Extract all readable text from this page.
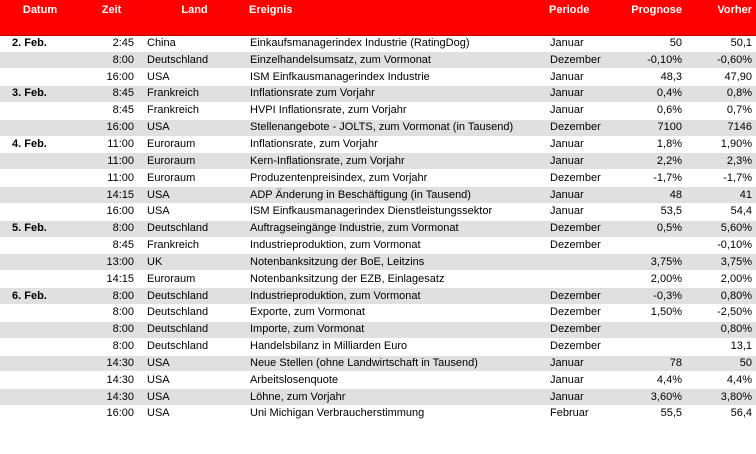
Datum	Zeit	Land	Ereignis	Periode	Prognose	Vorher
2. Feb.	2:45	China	Einkaufsmanagerindex Industrie (RatingDog)	Januar	50	50,1
	8:00	Deutschland	Einzelhandelsumsatz, zum Vormonat	Dezember	-0,10%	-0,60%
	16:00	USA	ISM Einfkausmanagerindex Industrie	Januar	48,3	47,90
3. Feb.	8:45	Frankreich	Inflationsrate zum Vorjahr	Januar	0,4%	0,8%
	8:45	Frankreich	HVPI Inflationsrate, zum Vorjahr	Januar	0,6%	0,7%
	16:00	USA	Stellenangebote - JOLTS, zum Vormonat (in Tausend)	Dezember	7100	7146
4. Feb.	11:00	Euroraum	Inflationsrate, zum Vorjahr	Januar	1,8%	1,90%
	11:00	Euroraum	Kern-Inflationsrate, zum Vorjahr	Januar	2,2%	2,3%
	11:00	Euroraum	Produzentenpreisindex, zum Vorjahr	Dezember	-1,7%	-1,7%
	14:15	USA	ADP Änderung in Beschäftigung (in Tausend)	Januar	48	41
	16:00	USA	ISM Einfkausmanagerindex Dienstleistungssektor	Januar	53,5	54,4
5. Feb.	8:00	Deutschland	Auftragseingänge Industrie, zum Vormonat	Dezember	0,5%	5,60%
	8:45	Frankreich	Industrieproduktion, zum Vormonat	Dezember		-0,10%
	13:00	UK	Notenbanksitzung der BoE, Leitzins		3,75%	3,75%
	14:15	Euroraum	Notenbanksitzung der EZB, Einlagesatz		2,00%	2,00%
6. Feb.	8:00	Deutschland	Industrieproduktion, zum Vormonat	Dezember	-0,3%	0,80%
	8:00	Deutschland	Exporte, zum Vormonat	Dezember	1,50%	-2,50%
	8:00	Deutschland	Importe, zum Vormonat	Dezember		0,80%
	8:00	Deutschland	Handelsbilanz in Milliarden Euro	Dezember		13,1
	14:30	USA	Neue Stellen (ohne Landwirtschaft in Tausend)	Januar	78	50
	14:30	USA	Arbeitslosenquote	Januar	4,4%	4,4%
	14:30	USA	Löhne, zum Vorjahr	Januar	3,60%	3,80%
	16:00	USA	Uni Michigan Verbraucherstimmung	Februar	55,5	56,4
